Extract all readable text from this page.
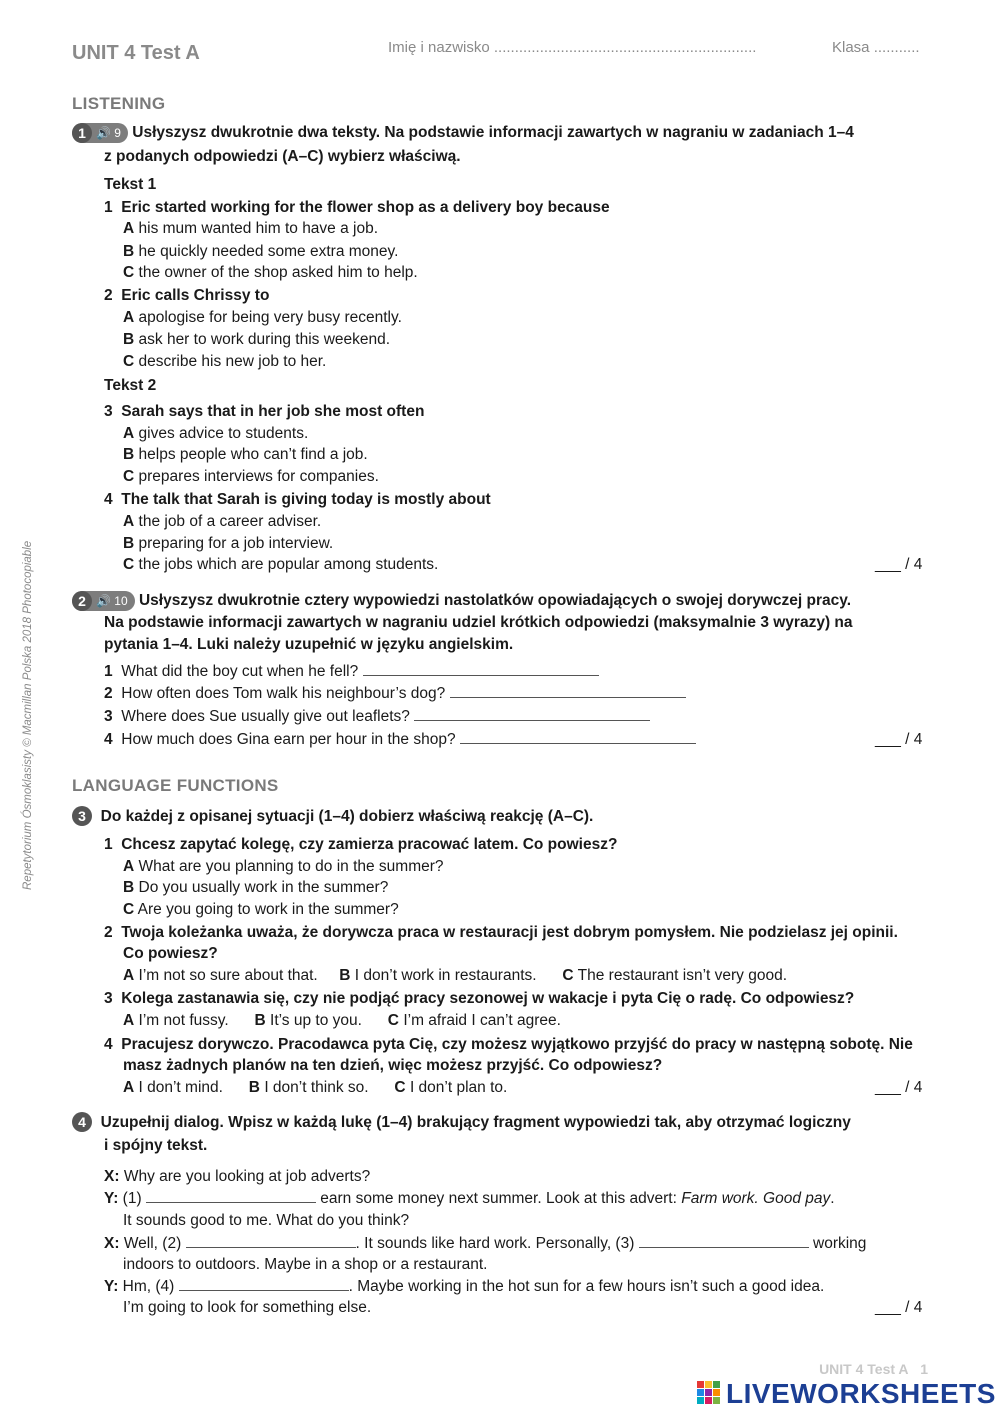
UNIT 4 Test A	Imię i nazwisko ...............................................................	Klasa ...........
Repetytorium Ósmoklasisty © Macmillan Polska 2018 Photocopiable
LISTENING
1 🔊 9 Usłyszysz dwukrotnie dwa teksty. Na podstawie informacji zawartych w nagraniu w zadaniach 1–4
z podanych odpowiedzi (A–C) wybierz właściwą.
Tekst 1
1  Eric started working for the flower shop as a delivery boy because
A his mum wanted him to have a job.
B he quickly needed some extra money.
C the owner of the shop asked him to help.
2  Eric calls Chrissy to
A apologise for being very busy recently.
B ask her to work during this weekend.
C describe his new job to her.
Tekst 2
3  Sarah says that in her job she most often
A gives advice to students.
B helps people who can’t find a job.
C prepares interviews for companies.
4  The talk that Sarah is giving today is mostly about
A the job of a career adviser.
B preparing for a job interview.
C the jobs which are popular among students.	___ / 4
2 🔊 10 Usłyszysz dwukrotnie cztery wypowiedzi nastolatków opowiadających o swojej dorywczej pracy.
Na podstawie informacji zawartych w nagraniu udziel krótkich odpowiedzi (maksymalnie 3 wyrazy) na
pytania 1–4. Luki należy uzupełnić w języku angielskim.
1 What did the boy cut when he fell?
2 How often does Tom walk his neighbour’s dog?
3 Where does Sue usually give out leaflets?
4 How much does Gina earn per hour in the shop?	___ / 4
LANGUAGE FUNCTIONS
3 Do każdej z opisanej sytuacji (1–4) dobierz właściwą reakcję (A–C).
1  Chcesz zapytać kolegę, czy zamierza pracować latem. Co powiesz?
A What are you planning to do in the summer?
B Do you usually work in the summer?
C Are you going to work in the summer?
2  Twoja koleżanka uważa, że dorywcza praca w restauracji jest dobrym pomysłem. Nie podzielasz jej opinii.
Co powiesz?
A I’m not so sure about that. B I don’t work in restaurants. C The restaurant isn’t very good.
3  Kolega zastanawia się, czy nie podjąć pracy sezonowej w wakacje i pyta Cię o radę. Co odpowiesz?
A I’m not fussy. B It’s up to you. C I’m afraid I can’t agree.
4  Pracujesz dorywczo. Pracodawca pyta Cię, czy możesz wyjątkowo przyjść do pracy w następną sobotę. Nie
masz żadnych planów na ten dzień, więc możesz przyjść. Co odpowiesz?
A I don’t mind. B I don’t think so. C I don’t plan to.	___ / 4
4 Uzupełnij dialog. Wpisz w każdą lukę (1–4) brakujący fragment wypowiedzi tak, aby otrzymać logiczny
i spójny tekst.
X: Why are you looking at job adverts?
Y: (1)	earn some money next summer. Look at this advert: Farm work. Good pay.
It sounds good to me. What do you think?
X: Well, (2)	. It sounds like hard work. Personally, (3)	working
indoors to outdoors. Maybe in a shop or a restaurant.
Y: Hm, (4)	. Maybe working in the hot sun for a few hours isn’t such a good idea.
I’m going to look for something else.	___ / 4
UNIT 4 Test A 1
LIVEWORKSHEETS
